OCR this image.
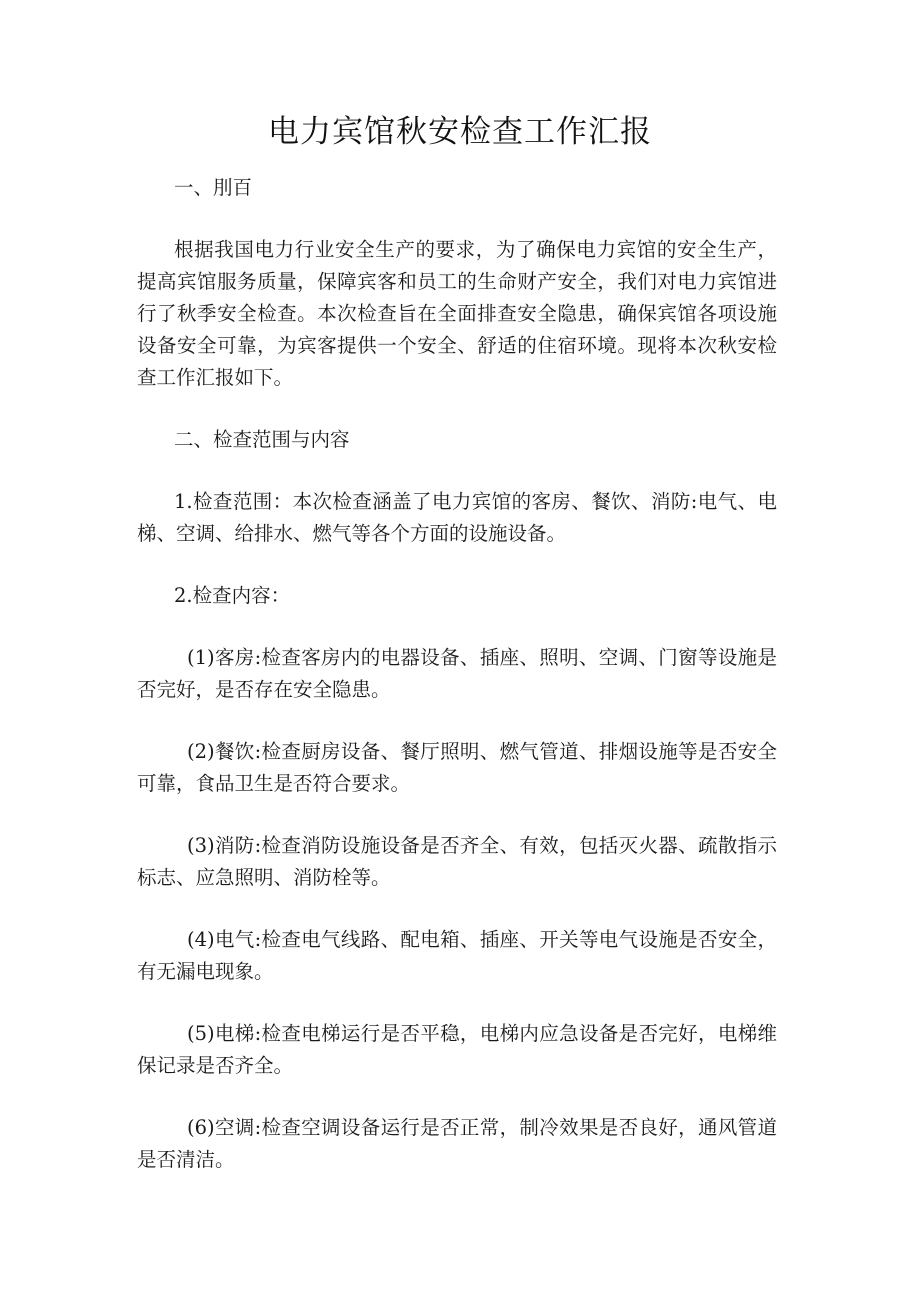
电力宾馆秋安检查工作汇报

一、刖百

根据我国电力行业安全生产的要求，为了确保电力宾馆的安全生产，提高宾馆服务质量，保障宾客和员工的生命财产安全，我们对电力宾馆进行了秋季安全检查。本次检查旨在全面排查安全隐患，确保宾馆各项设施设备安全可靠，为宾客提供一个安全、舒适的住宿环境。现将本次秋安检查工作汇报如下。

二、检查范围与内容

1.检查范围：本次检查涵盖了电力宾馆的客房、餐饮、消防:电气、电梯、空调、给排水、燃气等各个方面的设施设备。

2.检查内容：

(1)客房:检查客房内的电器设备、插座、照明、空调、门窗等设施是否完好，是否存在安全隐患。

(2)餐饮:检查厨房设备、餐厅照明、燃气管道、排烟设施等是否安全可靠，食品卫生是否符合要求。

(3)消防:检查消防设施设备是否齐全、有效，包括灭火器、疏散指示标志、应急照明、消防栓等。

(4)电气:检查电气线路、配电箱、插座、开关等电气设施是否安全，有无漏电现象。

(5)电梯:检查电梯运行是否平稳，电梯内应急设备是否完好，电梯维保记录是否齐全。

(6)空调:检查空调设备运行是否正常，制冷效果是否良好，通风管道是否清洁。
